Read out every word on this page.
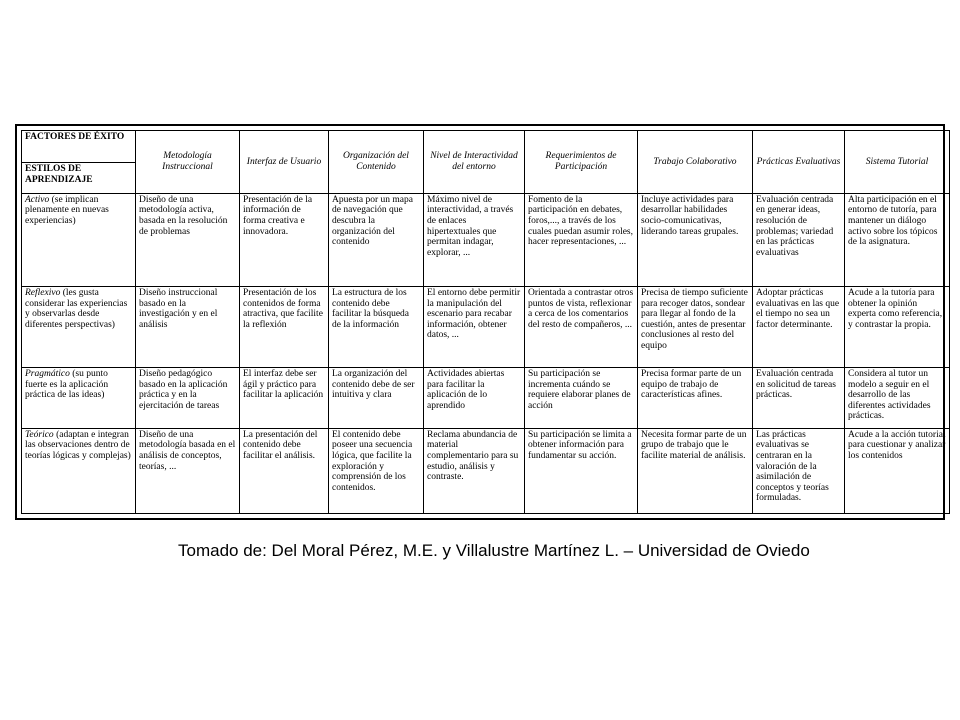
FACTORES DE ÉXITO	Metodología Instruccional	Interfaz de Usuario	Organización del Contenido	Nivel de Interactividad del entorno	Requerimientos de Participación	Trabajo Colaborativo	Prácticas Evaluativas	Sistema Tutorial
ESTILOS DE APRENDIZAJE								
Activo (se implican plenamente en nuevas experiencias)	Diseño de una metodología activa, basada en la resolución de problemas	Presentación de la información de forma creativa e innovadora.	Apuesta por un mapa de navegación que descubra la organización del contenido	Máximo nivel de interactividad, a través de enlaces hipertextuales que permitan indagar, explorar, ...	Fomento de la participación en debates, foros,..., a través de los cuales puedan asumir roles, hacer representaciones, ...	Incluye actividades para desarrollar habilidades socio-comunicativas, liderando tareas grupales.	Evaluación centrada en generar ideas, resolución de problemas; variedad en las prácticas evaluativas	Alta participación en el entorno de tutoría, para mantener un diálogo activo sobre los tópicos de la asignatura.
Reflexivo (les gusta considerar las experiencias y observarlas desde diferentes perspectivas)	Diseño instruccional basado en la investigación y en el análisis	Presentación de los contenidos de forma atractiva, que facilite la reflexión	La estructura de los contenido debe facilitar la búsqueda de la información	El entorno debe permitir la manipulación del escenario para recabar información, obtener datos, ...	Orientada a contrastar otros puntos de vista, reflexionar a cerca de los comentarios del resto de compañeros, ...	Precisa de tiempo suficiente para recoger datos, sondear para llegar al fondo de la cuestión, antes de presentar conclusiones al resto del equipo	Adoptar prácticas evaluativas en las que el tiempo no sea un factor determinante.	Acude a la tutoría para obtener la opinión experta como referencia, y contrastar la propia.
Pragmático (su punto fuerte es la aplicación práctica de las ideas)	Diseño pedagógico basado en la aplicación práctica y en la ejercitación de tareas	El interfaz debe ser ágil y práctico para facilitar la aplicación	La organización del contenido debe de ser intuitiva y clara	Actividades abiertas para facilitar la aplicación de lo aprendido	Su participación se incrementa cuándo se requiere elaborar planes de acción	Precisa formar parte de un equipo de trabajo de características afines.	Evaluación centrada en solicitud de tareas prácticas.	Considera al tutor un modelo a seguir en el desarrollo de las diferentes actividades prácticas.
Teórico (adaptan e integran las observaciones dentro de teorías lógicas y complejas)	Diseño de una metodología basada en el análisis de conceptos, teorías, ...	La presentación del contenido debe facilitar el análisis.	El contenido debe poseer una secuencia lógica, que facilite la exploración y comprensión de los contenidos.	Reclama abundancia de material complementario para su estudio, análisis y contraste.	Su participación se limita a obtener información para fundamentar su acción.	Necesita formar parte de un grupo de trabajo que le facilite material de análisis.	Las prácticas evaluativas se centraran en la valoración de la asimilación de conceptos y teorías formuladas.	Acude a la acción tutorial para cuestionar y analizar los contenidos
Tomado de: Del Moral Pérez, M.E. y Villalustre Martínez L. – Universidad de Oviedo
